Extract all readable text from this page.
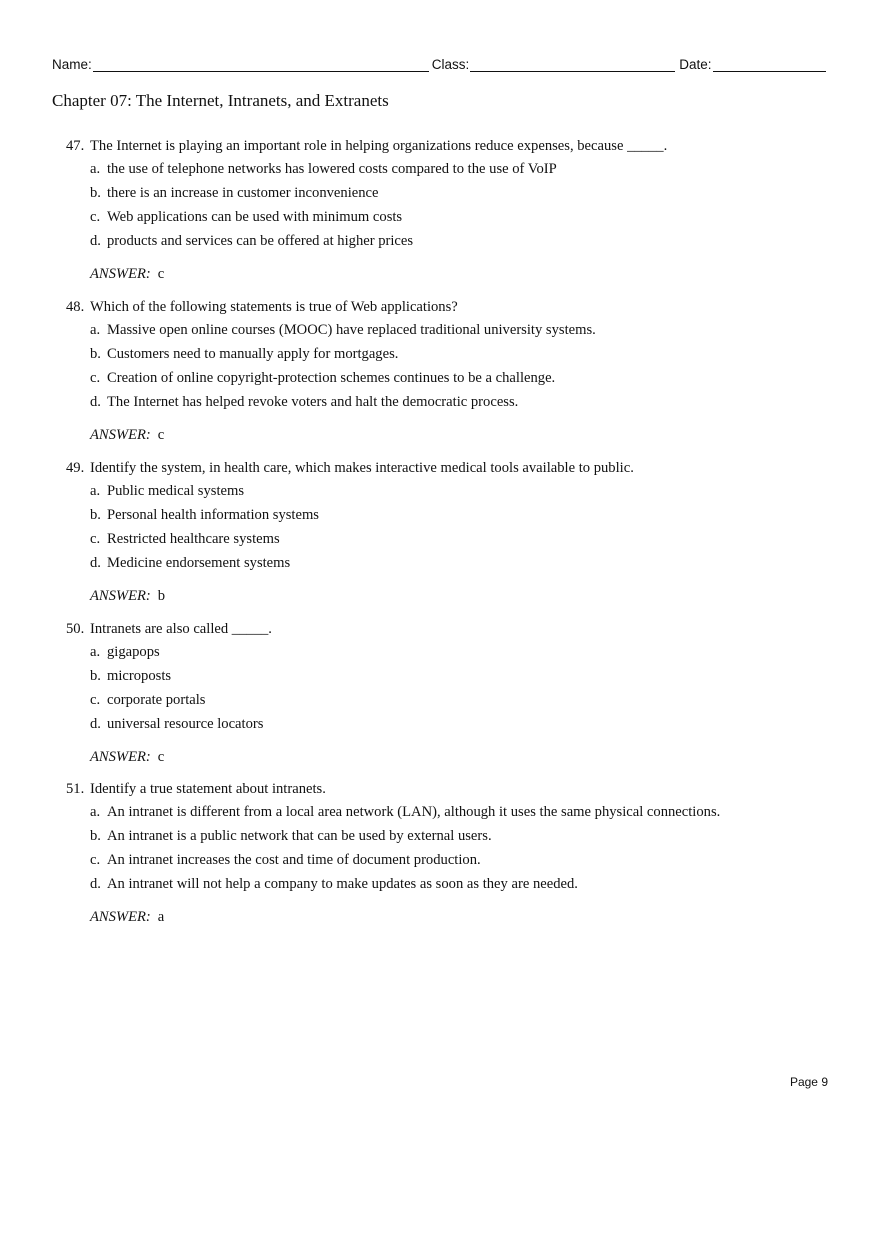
Name:	Class:	Date:
Chapter 07: The Internet, Intranets, and Extranets
47. The Internet is playing an important role in helping organizations reduce expenses, because _____.
a. the use of telephone networks has lowered costs compared to the use of VoIP
b. there is an increase in customer inconvenience
c. Web applications can be used with minimum costs
d. products and services can be offered at higher prices
ANSWER: c
48. Which of the following statements is true of Web applications?
a. Massive open online courses (MOOC) have replaced traditional university systems.
b. Customers need to manually apply for mortgages.
c. Creation of online copyright-protection schemes continues to be a challenge.
d. The Internet has helped revoke voters and halt the democratic process.
ANSWER: c
49. Identify the system, in health care, which makes interactive medical tools available to public.
a. Public medical systems
b. Personal health information systems
c. Restricted healthcare systems
d. Medicine endorsement systems
ANSWER: b
50. Intranets are also called _____.
a. gigapops
b. microposts
c. corporate portals
d. universal resource locators
ANSWER: c
51. Identify a true statement about intranets.
a. An intranet is different from a local area network (LAN), although it uses the same physical connections.
b. An intranet is a public network that can be used by external users.
c. An intranet increases the cost and time of document production.
d. An intranet will not help a company to make updates as soon as they are needed.
ANSWER: a
Page 9
